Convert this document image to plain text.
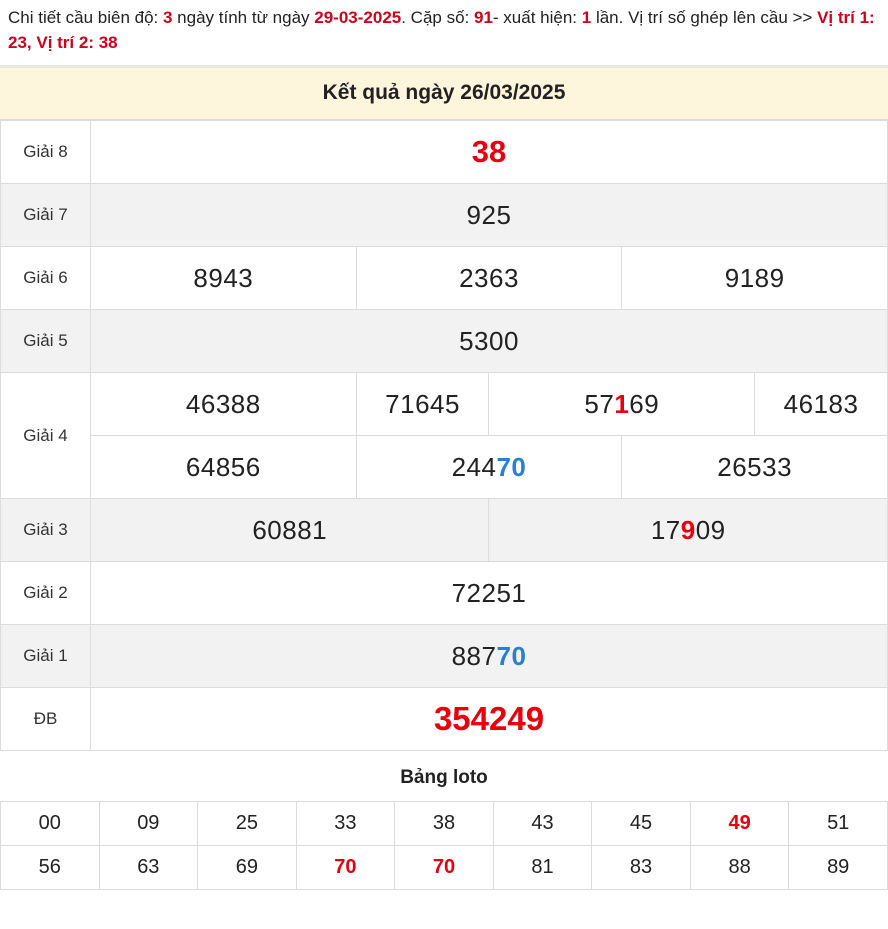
Chi tiết cầu biên độ: 3 ngày tính từ ngày 29-03-2025. Cặp số: 91- xuất hiện: 1 lần. Vị trí số ghép lên cầu >> Vị trí 1: 23, Vị trí 2: 38
Kết quả ngày 26/03/2025
Giải 8	38				
Giải 7	925				
Giải 6	8943	2363		9189	
Giải 5	5300				
Giải 4	46388	71645	57169		46183
	64856	24470		26533	
Giải 3	60881		17909		
Giải 2	72251				
Giải 1	88770				
ĐB	354249				
Bảng loto
00	09	25	33	38	43	45	49	51
56	63	69	70	70	81	83	88	89
